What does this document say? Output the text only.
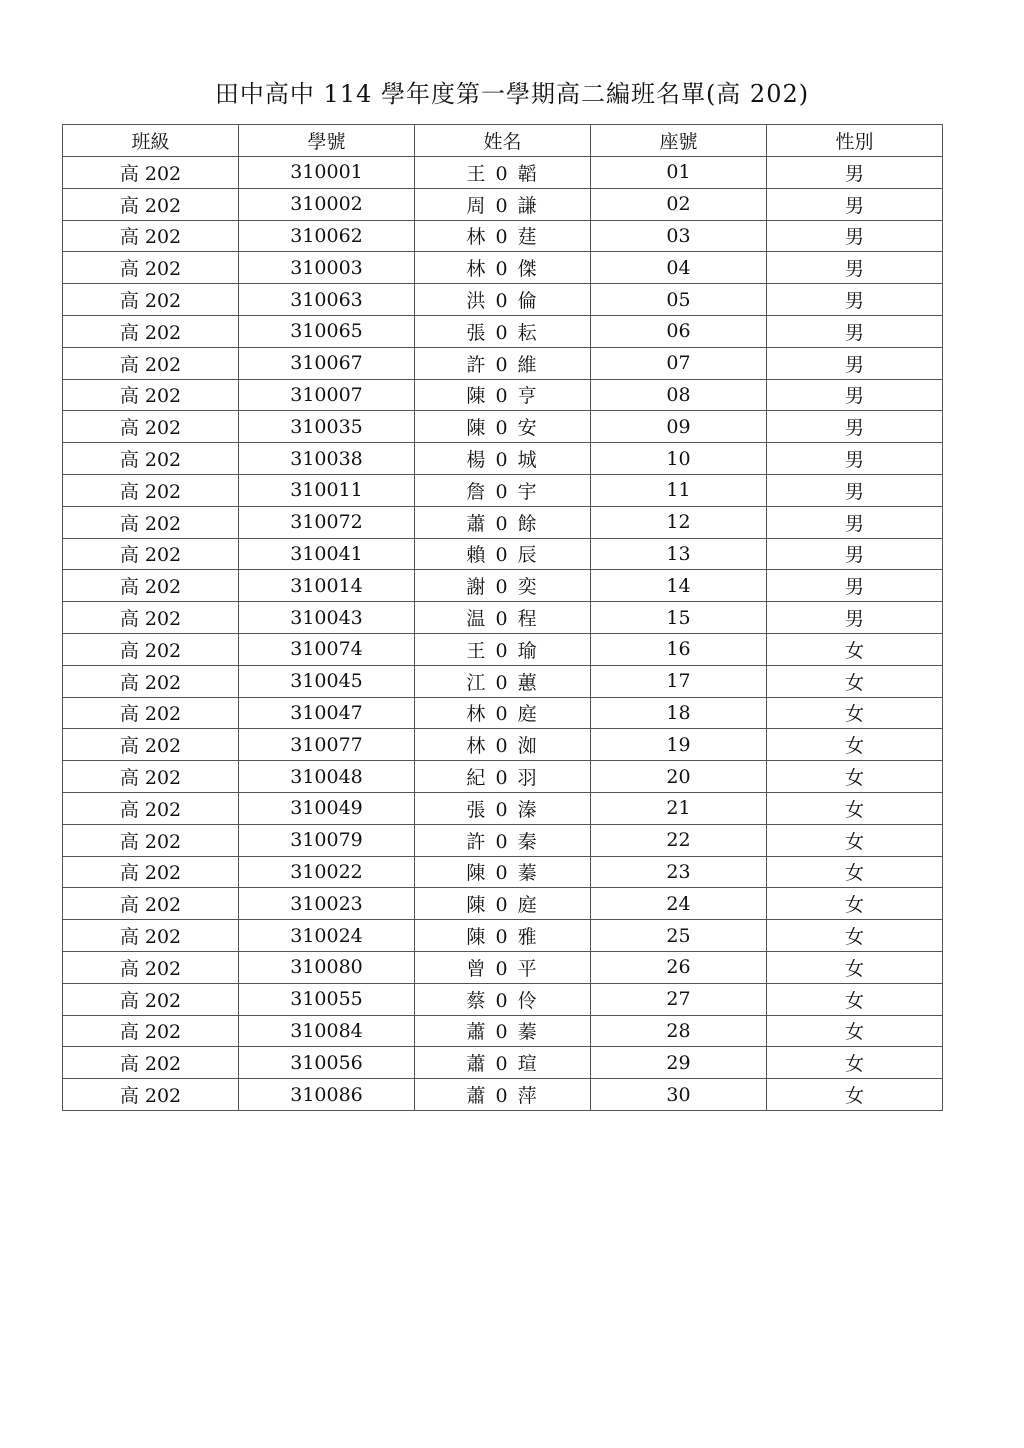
田中高中 114 學年度第一學期高二編班名單(高 202)
班級	學號	姓名	座號	性別
高 202	310001	王 0 韜	01	男
高 202	310002	周 0 謙	02	男
高 202	310062	林 0 莛	03	男
高 202	310003	林 0 傑	04	男
高 202	310063	洪 0 倫	05	男
高 202	310065	張 0 耘	06	男
高 202	310067	許 0 維	07	男
高 202	310007	陳 0 亨	08	男
高 202	310035	陳 0 安	09	男
高 202	310038	楊 0 城	10	男
高 202	310011	詹 0 宇	11	男
高 202	310072	蕭 0 餘	12	男
高 202	310041	賴 0 辰	13	男
高 202	310014	謝 0 奕	14	男
高 202	310043	温 0 程	15	男
高 202	310074	王 0 瑜	16	女
高 202	310045	江 0 蕙	17	女
高 202	310047	林 0 庭	18	女
高 202	310077	林 0 洳	19	女
高 202	310048	紀 0 羽	20	女
高 202	310049	張 0 溱	21	女
高 202	310079	許 0 秦	22	女
高 202	310022	陳 0 蓁	23	女
高 202	310023	陳 0 庭	24	女
高 202	310024	陳 0 雅	25	女
高 202	310080	曾 0 平	26	女
高 202	310055	蔡 0 伶	27	女
高 202	310084	蕭 0 蓁	28	女
高 202	310056	蕭 0 瑄	29	女
高 202	310086	蕭 0 萍	30	女
